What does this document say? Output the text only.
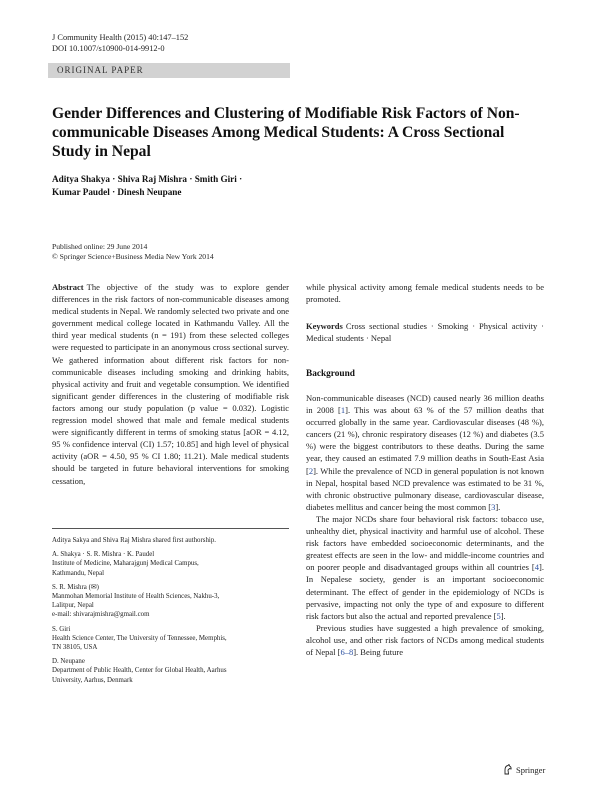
J Community Health (2015) 40:147–152
DOI 10.1007/s10900-014-9912-0
ORIGINAL PAPER
Gender Differences and Clustering of Modifiable Risk Factors of Non-communicable Diseases Among Medical Students: A Cross Sectional Study in Nepal
Aditya Shakya · Shiva Raj Mishra · Smith Giri ·
Kumar Paudel · Dinesh Neupane
Published online: 29 June 2014
© Springer Science+Business Media New York 2014
Abstract The objective of the study was to explore gender differences in the risk factors of non-communicable diseases among medical students in Nepal. We randomly selected two private and one government medical college located in Kathmandu Valley. All the third year medical students (n = 191) from these selected colleges were requested to participate in an anonymous cross sectional survey. We gathered information about different risk factors for non-communicable diseases including smoking and drinking habits, physical activity and fruit and vegetable consumption. We identified significant gender differences in the clustering of modifiable risk factors among our study population (p value = 0.032). Logistic regression model showed that male and female medical students were significantly different in terms of smoking status [aOR = 4.12, 95 % confidence interval (CI) 1.57; 10.85] and high level of physical activity (aOR = 4.50, 95 % CI 1.80; 11.21). Male medical students should be targeted in future behavioral interventions for smoking cessation,

Aditya Sakya and Shiva Raj Mishra shared first authorship.

A. Shakya · S. R. Mishra · K. Paudel
Institute of Medicine, Maharajgunj Medical Campus,
Kathmandu, Nepal

S. R. Mishra (✉)
Manmohan Memorial Institute of Health Sciences, Nakhu-3,
Lalitpur, Nepal
e-mail: shivarajmishra@gmail.com

S. Giri
Health Science Center, The University of Tennessee, Memphis,
TN 38105, USA

D. Neupane
Department of Public Health, Center for Global Health, Aarhus
University, Aarhus, Denmark

while physical activity among female medical students needs to be promoted.
Keywords Cross sectional studies · Smoking · Physical activity · Medical students · Nepal
Background

Non-communicable diseases (NCD) caused nearly 36 million deaths in 2008 [1]. This was about 63 % of the 57 million deaths that occurred globally in the same year. Cardiovascular diseases (48 %), cancers (21 %), chronic respiratory diseases (12 %) and diabetes (3.5 %) were the biggest contributors to these deaths. During the same year, they caused an estimated 7.9 million deaths in South-East Asia [2]. While the prevalence of NCD in general population is not known in Nepal, hospital based NCD prevalence was estimated to be 31 %, with chronic obstructive pulmonary disease, cardiovascular disease, diabetes mellitus and cancer being the most common [3].

The major NCDs share four behavioral risk factors: tobacco use, unhealthy diet, physical inactivity and harmful use of alcohol. These risk factors have embedded socioeconomic determinants, and the greatest effects are seen in the low- and middle-income countries and on poorer people and disadvantaged groups within all countries [4]. In Nepalese society, gender is an important socioeconomic determinant. The effect of gender in the epidemiology of NCDs is pervasive, impacting not only the type of and exposure to different risk factors but also the actual and reported prevalence [5].

Previous studies have suggested a high prevalence of smoking, alcohol use, and other risk factors of NCDs among medical students of Nepal [6–8]. Being future

Springer
